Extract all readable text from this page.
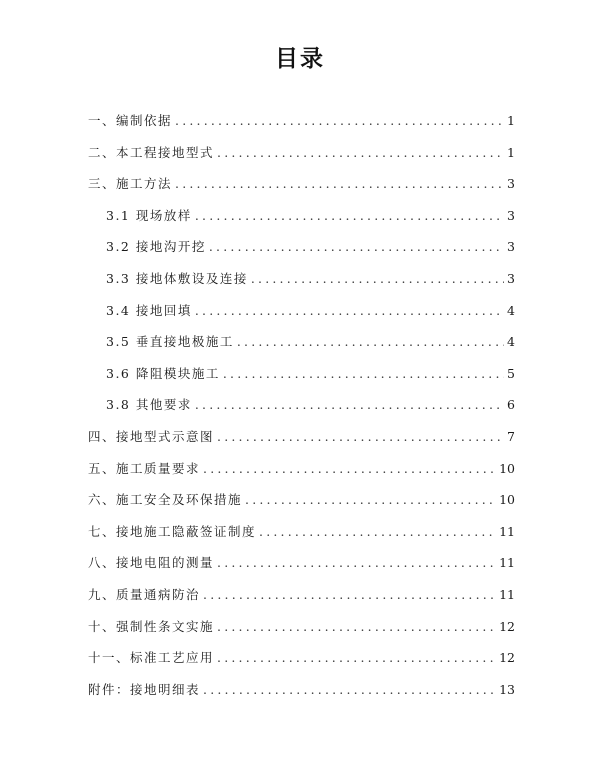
目录
一、编制依据 .....	1
二、本工程接地型式 .....	1
三、施工方法 .....	3
3.1 现场放样 .....	3
3.2 接地沟开挖 .....	3
3.3 接地体敷设及连接 .....	3
3.4 接地回填 .....	4
3.5 垂直接地极施工 .....	4
3.6 降阻模块施工 .....	5
3.8 其他要求 .....	6
四、接地型式示意图 .....	7
五、施工质量要求 .....	10
六、施工安全及环保措施 .....	10
七、接地施工隐蔽签证制度 .....	11
八、接地电阻的测量 .....	11
九、质量通病防治 .....	11
十、强制性条文实施 .....	12
十一、标准工艺应用 .....	12
附件：接地明细表 .....	13
